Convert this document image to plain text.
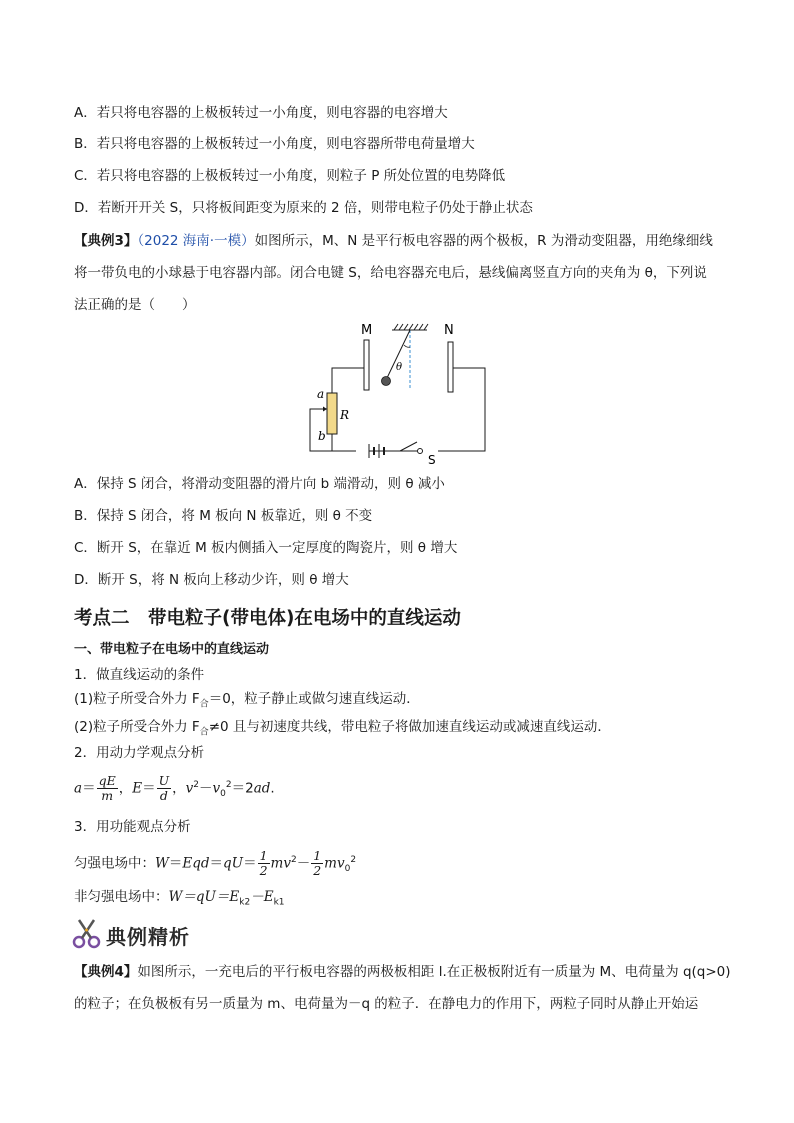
A．若只将电容器的上极板转过一小角度，则电容器的电容增大
B．若只将电容器的上极板转过一小角度，则电容器所带电荷量增大
C．若只将电容器的上极板转过一小角度，则粒子 P 所处位置的电势降低
D．若断开开关 S，只将板间距变为原来的 2 倍，则带电粒子仍处于静止状态
【典例3】（2022 海南·一模）如图所示，M、N 是平行板电容器的两个极板，R 为滑动变阻器，用绝缘细线
将一带负电的小球悬于电容器内部。闭合电键 S，给电容器充电后，悬线偏离竖直方向的夹角为 θ，下列说
法正确的是（　　）
M	N
θ
a
R
b
S
A．保持 S 闭合，将滑动变阻器的滑片向 b 端滑动，则 θ 减小
B．保持 S 闭合，将 M 板向 N 板靠近，则 θ 不变
C．断开 S，在靠近 M 板内侧插入一定厚度的陶瓷片，则 θ 增大
D．断开 S，将 N 板向上移动少许，则 θ 增大
考点二　带电粒子(带电体)在电场中的直线运动
一、带电粒子在电场中的直线运动
1．做直线运动的条件
(1)粒子所受合外力 $F_合=0$，粒子静止或做匀速直线运动．
(2)粒子所受合外力 $F_合\ne 0$ 且与初速度共线，带电粒子将做加速直线运动或减速直线运动．
2．用动力学观点分析
$a= \frac{qE}{m}$ ，$E= \frac{U}{d}$ ，$v^2-v_0^2=2ad$.
3．用功能观点分析
匀强电场中：$W=Eqd=qU= \frac{1}{2} mv^2- \frac{1}{2} mv_0^2$
非匀强电场中：$W=qU=E_{k2}-E_{k1}$
典例精析
【典例4】如图所示，一充电后的平行板电容器的两极板相距 l.在正极板附近有一质量为 M、电荷量为 q(q>0)
的粒子；在负极板有另一质量为 m、电荷量为－q 的粒子．在静电力的作用下，两粒子同时从静止开始运
